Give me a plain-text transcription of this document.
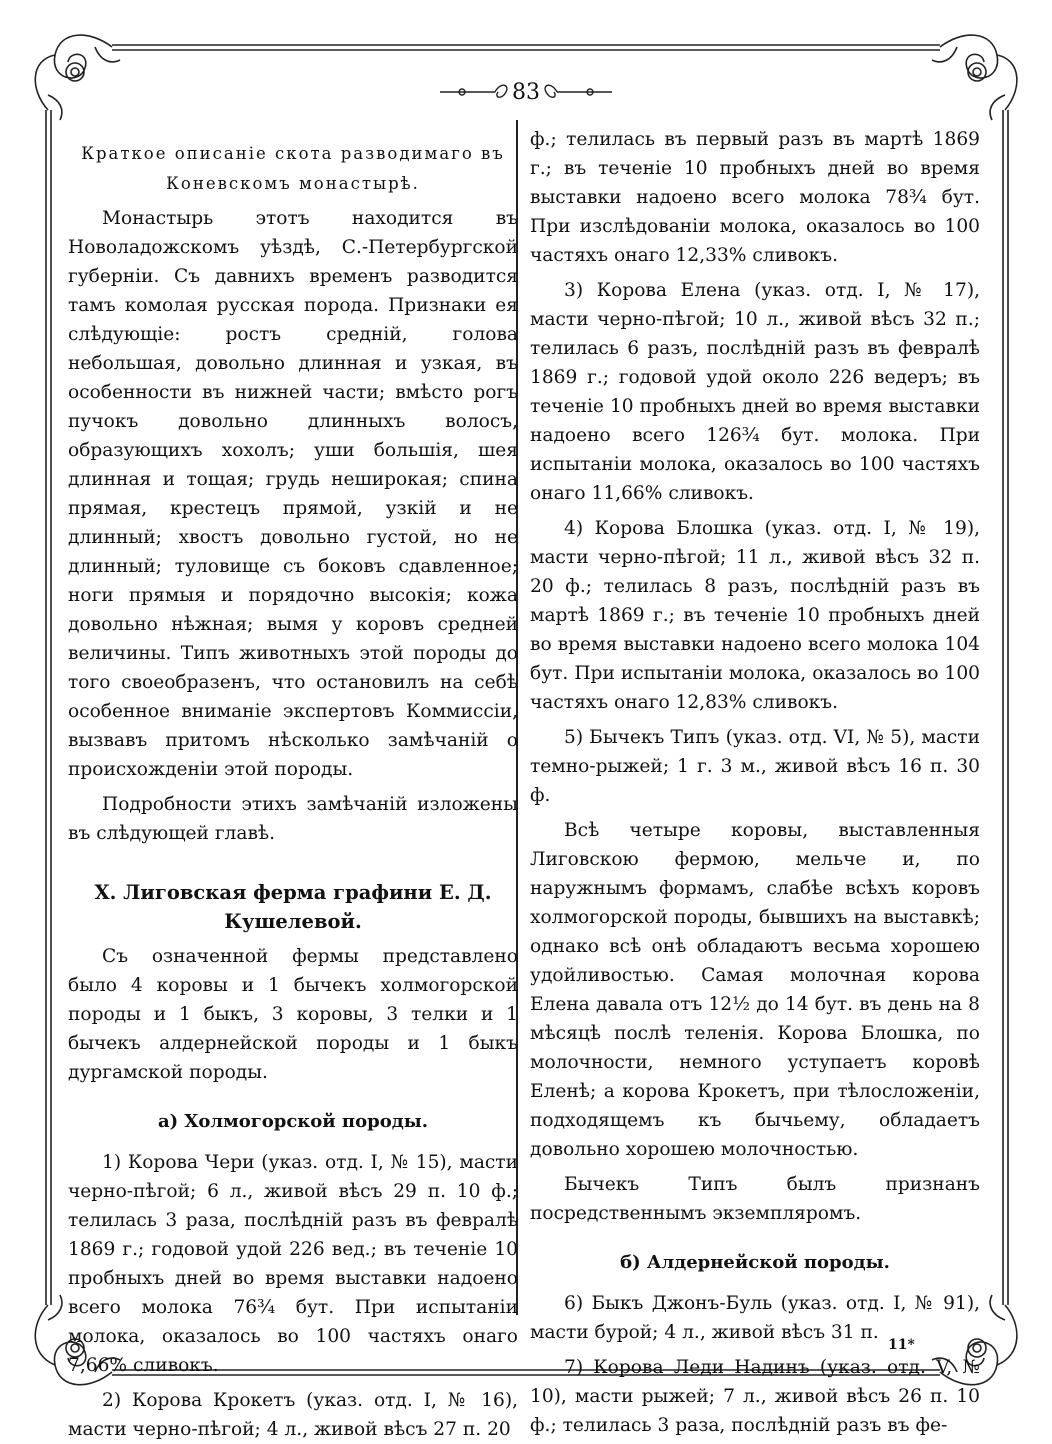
83

Краткое описаніе скота разводимаго въ

Коневскомъ монастырѣ.

Монастырь этотъ находится въ Новоладожскомъ уѣздѣ, С.-Петербургской губерніи. Съ давнихъ временъ разводится тамъ комолая русская порода. Признаки ея слѣдующіе: ростъ средній, голова небольшая, довольно длинная и узкая, въ особенности въ нижней части; вмѣсто рогъ пучокъ довольно длинныхъ волосъ, образующихъ хохолъ; уши большія, шея длинная и тощая; грудь неширокая; спина прямая, крестецъ прямой, узкій и не длинный; хвостъ довольно густой, но не длинный; туловище съ боковъ сдавленное; ноги прямыя и порядочно высокія; кожа довольно нѣжная; вымя у коровъ средней величины. Типъ животныхъ этой породы до того своеобразенъ, что остановилъ на себѣ особенное вниманіе экспертовъ Коммиссіи, вызвавъ притомъ нѣсколько замѣчаній о происхожденіи этой породы.

Подробности этихъ замѣчаній изложены въ слѣдующей главѣ.

X. Лиговская ферма графини Е. Д. Кушелевой.

Съ означенной фермы представлено было 4 коровы и 1 бычекъ холмогорской породы и 1 быкъ, 3 коровы, 3 телки и 1 бычекъ алдернейской породы и 1 быкъ дургамской породы.

а) Холмогорской породы.

1) Корова Чери (указ. отд. I, № 15), масти черно-пѣгой; 6 л., живой вѣсъ 29 п. 10 ф.; телилась 3 раза, послѣдній разъ въ февралѣ 1869 г.; годовой удой 226 вед.; въ теченіе 10 пробныхъ дней во время выставки надоено всего молока 76¾ бут. При испытаніи молока, оказалось во 100 частяхъ онаго 7,66% сливокъ.

2) Корова Крокетъ (указ. отд. I, № 16), масти черно-пѣгой; 4 л., живой вѣсъ 27 п. 20

ф.; телилась въ первый разъ въ мартѣ 1869 г.; въ теченіе 10 пробныхъ дней во время выставки надоено всего молока 78¾ бут. При изслѣдованіи молока, оказалось во 100 частяхъ онаго 12,33% сливокъ.

3) Корова Елена (указ. отд. I, № 17), масти черно-пѣгой; 10 л., живой вѣсъ 32 п.; телилась 6 разъ, послѣдній разъ въ февралѣ 1869 г.; годовой удой около 226 ведеръ; въ теченіе 10 пробныхъ дней во время выставки надоено всего 126¾ бут. молока. При испытаніи молока, оказалось во 100 частяхъ онаго 11,66% сливокъ.

4) Корова Блошка (указ. отд. I, № 19), масти черно-пѣгой; 11 л., живой вѣсъ 32 п. 20 ф.; телилась 8 разъ, послѣдній разъ въ мартѣ 1869 г.; въ теченіе 10 пробныхъ дней во время выставки надоено всего молока 104 бут. При испытаніи молока, оказалось во 100 частяхъ онаго 12,83% сливокъ.

5) Бычекъ Типъ (указ. отд. VI, № 5), масти темно-рыжей; 1 г. 3 м., живой вѣсъ 16 п. 30 ф.

Всѣ четыре коровы, выставленныя Лиговскою фермою, мельче и, по наружнымъ формамъ, слабѣе всѣхъ коровъ холмогорской породы, бывшихъ на выставкѣ; однако всѣ онѣ обладаютъ весьма хорошею удойливостью. Самая молочная корова Елена давала отъ 12½ до 14 бут. въ день на 8 мѣсяцѣ послѣ теленія. Корова Блошка, по молочности, немного уступаетъ коровѣ Еленѣ; а корова Крокетъ, при тѣлосложеніи, подходящемъ къ бычьему, обладаетъ довольно хорошею молочностью.

Бычекъ Типъ былъ признанъ посредственнымъ экземпляромъ.

б) Алдернейской породы.

6) Быкъ Джонъ-Буль (указ. отд. I, № 91), масти бурой; 4 л., живой вѣсъ 31 п.

7) Корова Леди Надинъ (указ. отд. V, № 10), масти рыжей; 7 л., живой вѣсъ 26 п. 10 ф.; телилась 3 раза, послѣдній разъ въ фе-

11*
